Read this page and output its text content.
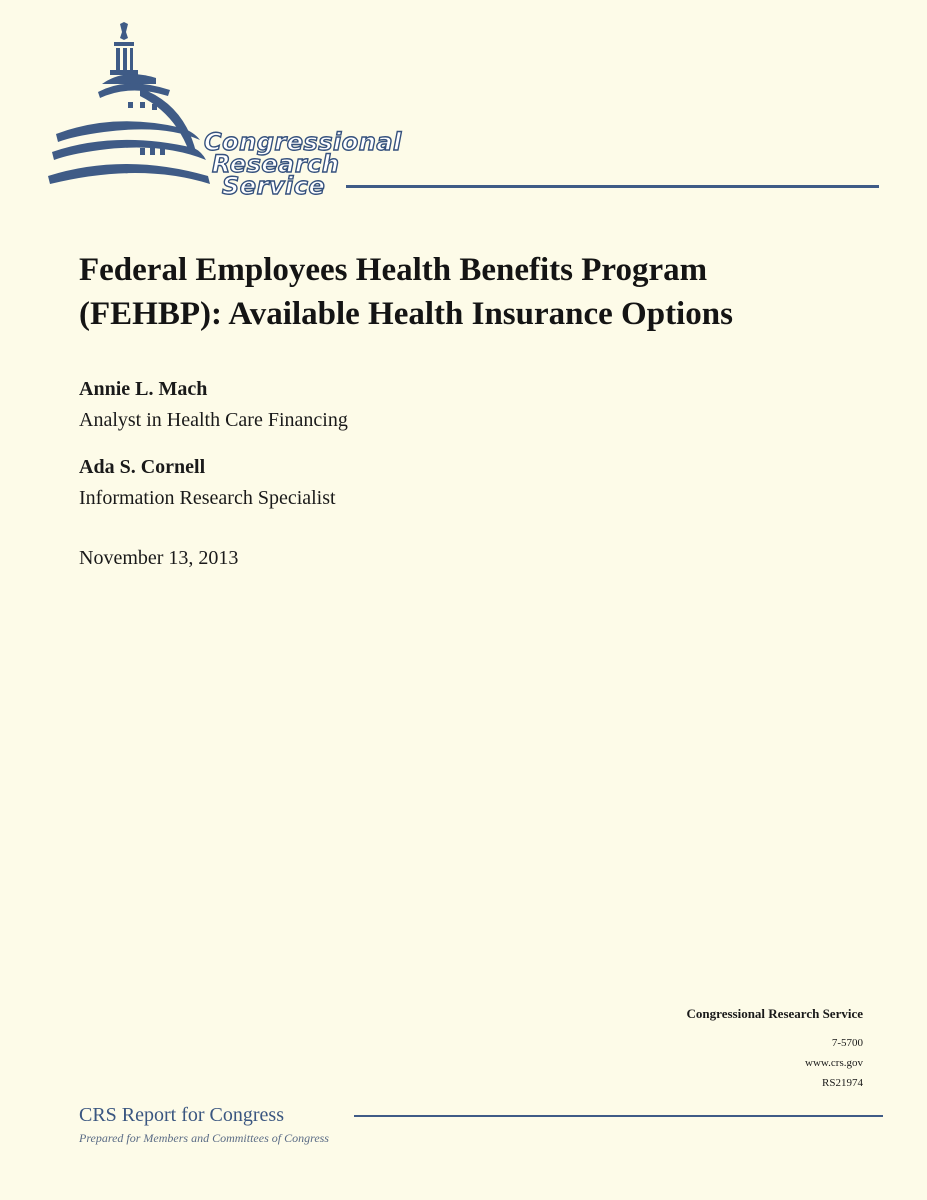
Congressional
Research
Service
Federal Employees Health Benefits Program
(FEHBP): Available Health Insurance Options
Annie L. Mach
Analyst in Health Care Financing
Ada S. Cornell
Information Research Specialist
November 13, 2013
Congressional Research Service
7-5700
www.crs.gov
RS21974
CRS Report for Congress
Prepared for Members and Committees of Congress
